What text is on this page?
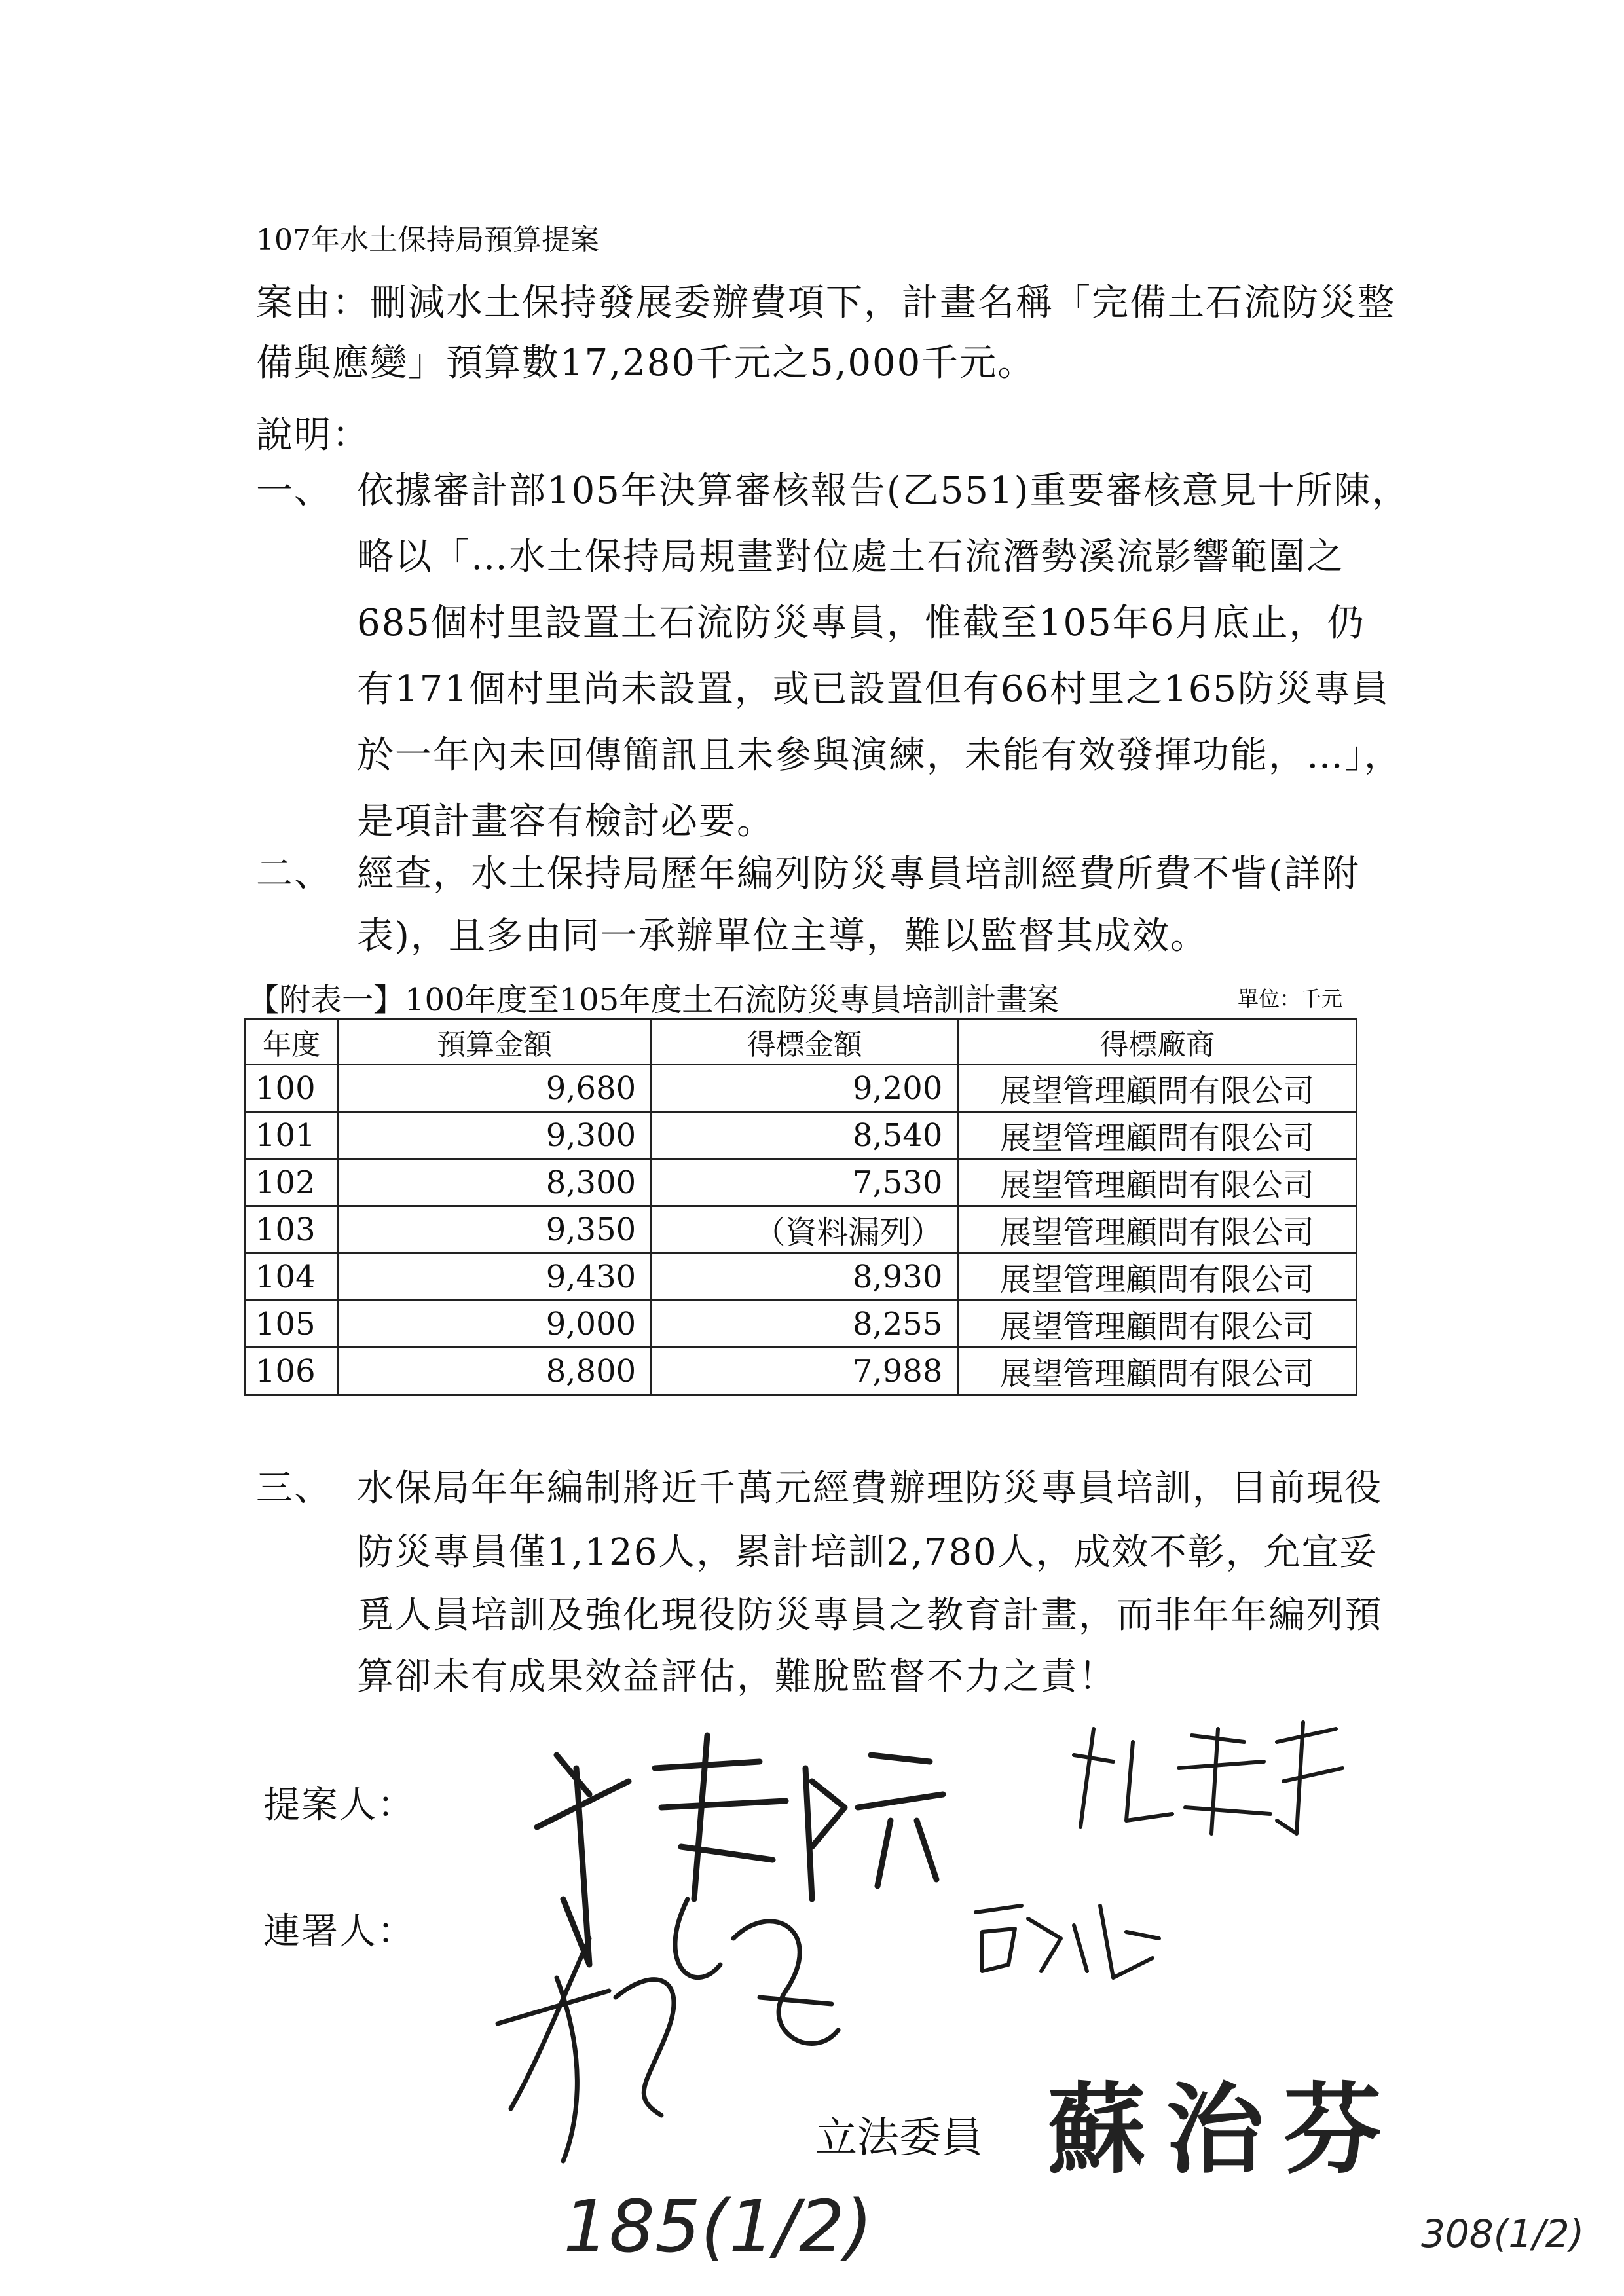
107年水土保持局預算提案
案由：刪減水土保持發展委辦費項下，計畫名稱「完備土石流防災整
備與應變」預算數17,280千元之5,000千元。
說明：
一、 依據審計部105年決算審核報告(乙551)重要審核意見十所陳，
略以「…水土保持局規畫對位處土石流潛勢溪流影響範圍之
685個村里設置土石流防災專員，惟截至105年6月底止，仍
有171個村里尚未設置，或已設置但有66村里之165防災專員
於一年內未回傳簡訊且未參與演練，未能有效發揮功能，…」，
是項計畫容有檢討必要。
二、 經查，水土保持局歷年編列防災專員培訓經費所費不眥(詳附
表)，且多由同一承辦單位主導，難以監督其成效。
【附表一】100年度至105年度土石流防災專員培訓計畫案	單位：千元
年度	預算金額	得標金額	得標廠商
100	9,680	9,200	展望管理顧問有限公司
101	9,300	8,540	展望管理顧問有限公司
102	8,300	7,530	展望管理顧問有限公司
103	9,350	（資料漏列）	展望管理顧問有限公司
104	9,430	8,930	展望管理顧問有限公司
105	9,000	8,255	展望管理顧問有限公司
106	8,800	7,988	展望管理顧問有限公司
三、 水保局年年編制將近千萬元經費辦理防災專員培訓，目前現役
防災專員僅1,126人，累計培訓2,780人，成效不彰，允宜妥
覓人員培訓及強化現役防災專員之教育計畫，而非年年編列預
算卻未有成果效益評估，難脫監督不力之責！
提案人：
連署人：
立法委員 蘇治芬
185(1/2)	308(1/2)
